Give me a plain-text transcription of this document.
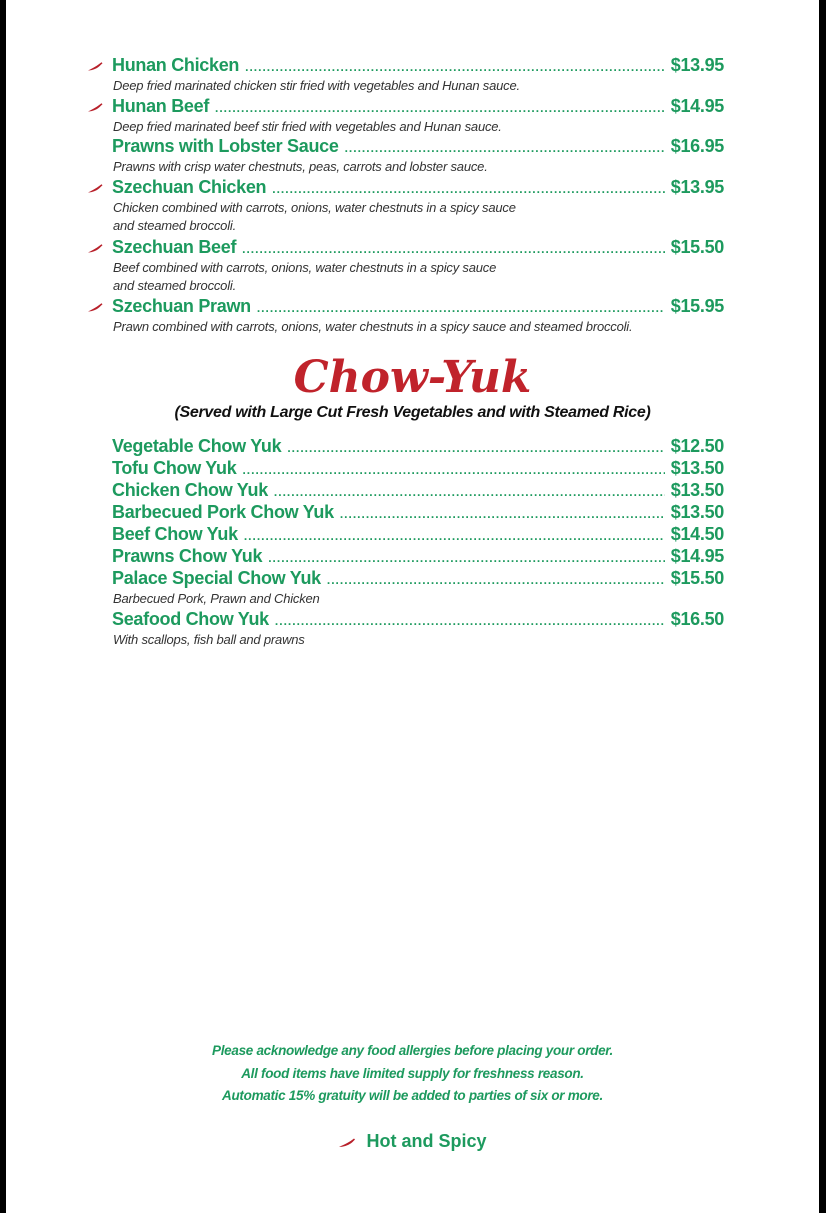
Hunan Chicken .....	$13.95
Deep fried marinated chicken stir fried with vegetables and Hunan sauce.
Hunan Beef .....	$14.95
Deep fried marinated beef stir fried with vegetables and Hunan sauce.
Prawns with Lobster Sauce .....	$16.95
Prawns with crisp water chestnuts, peas, carrots and lobster sauce.
Szechuan Chicken .....	$13.95
Chicken combined with carrots, onions, water chestnuts in a spicy sauce
and steamed broccoli.
Szechuan Beef .....	$15.50
Beef combined with carrots, onions, water chestnuts in a spicy sauce
and steamed broccoli.
Szechuan Prawn .....	$15.95
Prawn combined with carrots, onions, water chestnuts in a spicy sauce and steamed broccoli.
Chow-Yuk
(Served with Large Cut Fresh Vegetables and with Steamed Rice)
Vegetable Chow Yuk .....	$12.50
Tofu Chow Yuk .....	$13.50
Chicken Chow Yuk .....	$13.50
Barbecued Pork Chow Yuk .....	$13.50
Beef Chow Yuk .....	$14.50
Prawns Chow Yuk .....	$14.95
Palace Special Chow Yuk .....	$15.50
Barbecued Pork, Prawn and Chicken
Seafood Chow Yuk .....	$16.50
With scallops, fish ball and prawns
Please acknowledge any food allergies before placing your order.
All food items have limited supply for freshness reason.
Automatic 15% gratuity will be added to parties of six or more.
Hot and Spicy
